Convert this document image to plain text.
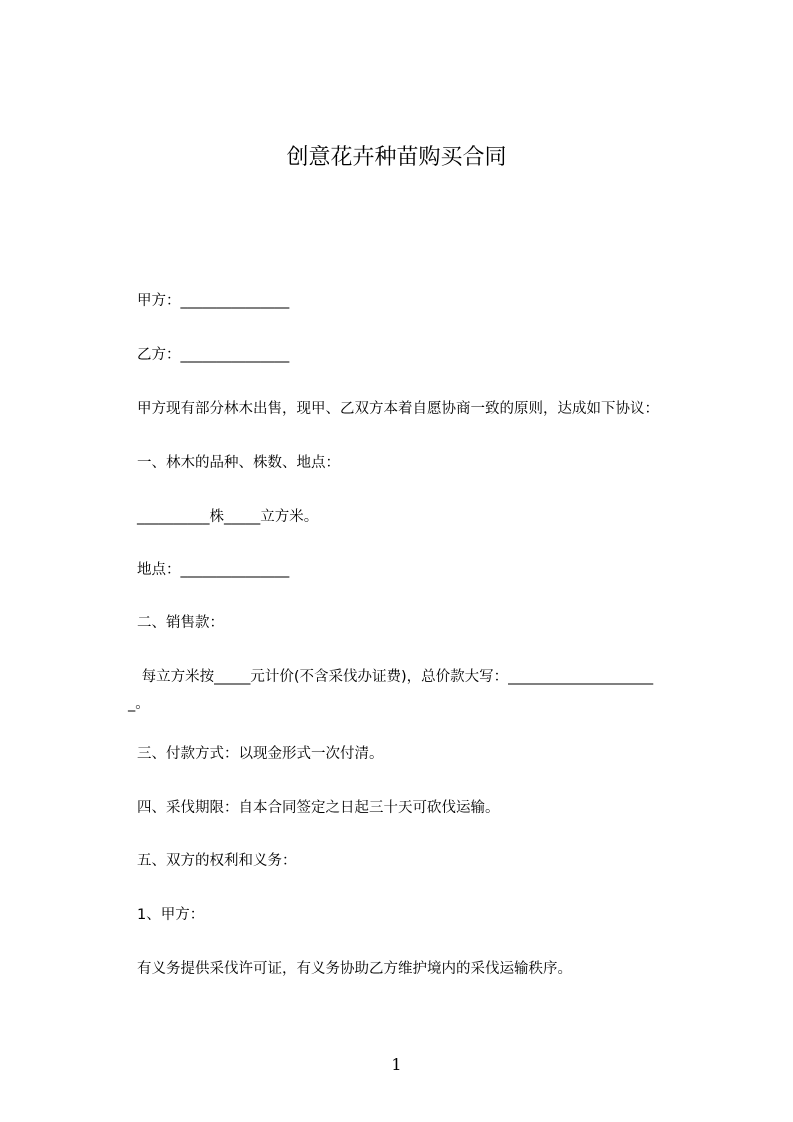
创意花卉种苗购买合同
甲方：_______________
乙方：_______________
甲方现有部分林木出售，现甲、乙双方本着自愿协商一致的原则，达成如下协议：
一、林木的品种、株数、地点：
__________株_____立方米。
地点：_______________
二、销售款：
每立方米按_____元计价(不含采伐办证费)，总价款大写：____________________
_。
三、付款方式：以现金形式一次付清。
四、采伐期限：自本合同签定之日起三十天可砍伐运输。
五、双方的权利和义务：
1、甲方：
有义务提供采伐许可证，有义务协助乙方维护境内的采伐运输秩序。
1
